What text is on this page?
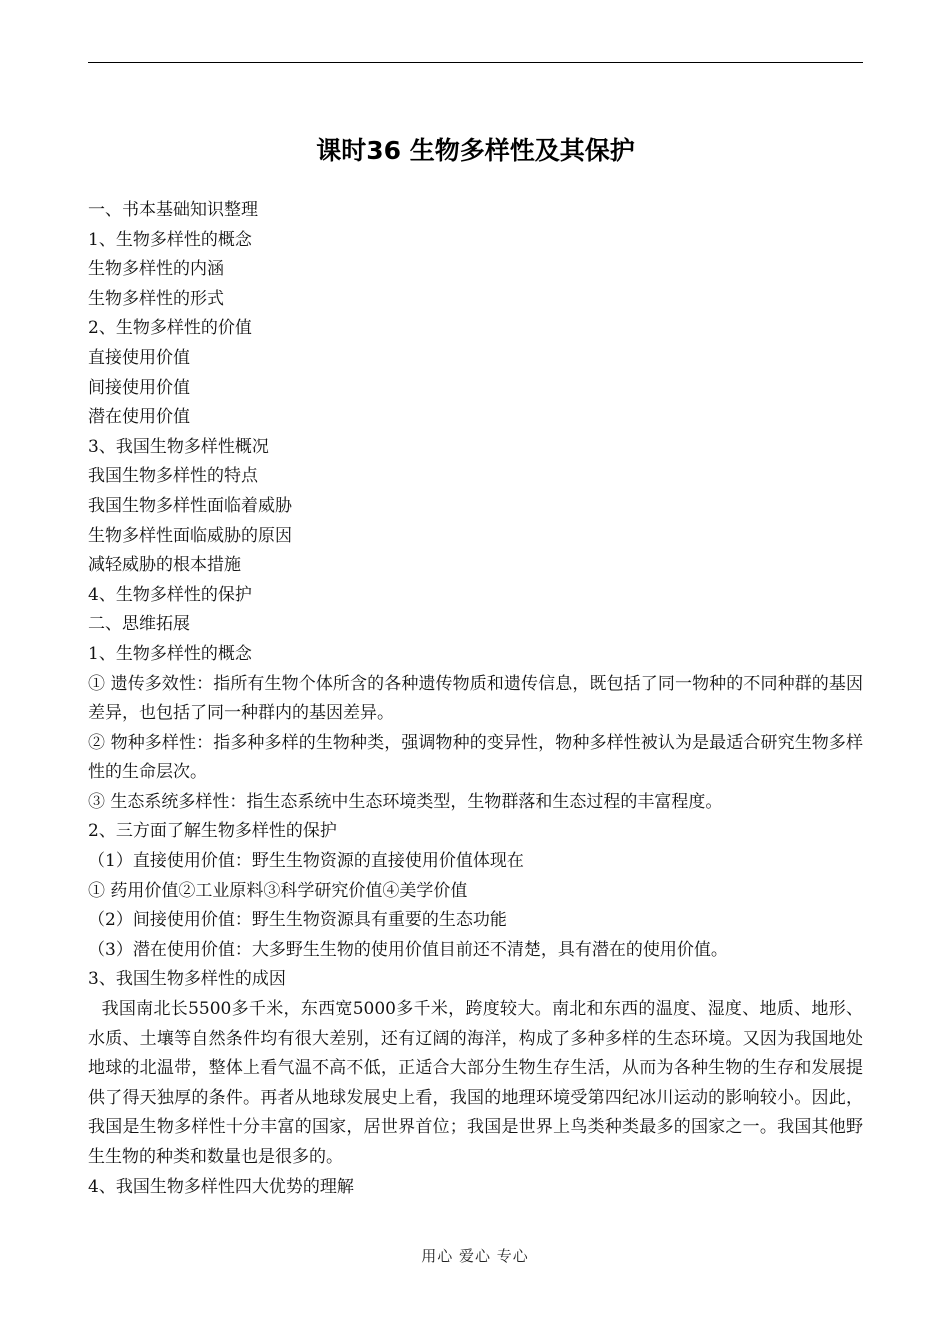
课时36 生物多样性及其保护
一、书本基础知识整理
1、生物多样性的概念
生物多样性的内涵
生物多样性的形式
2、生物多样性的价值
直接使用价值
间接使用价值
潜在使用价值
3、我国生物多样性概况
我国生物多样性的特点
我国生物多样性面临着威胁
生物多样性面临威胁的原因
减轻威胁的根本措施
4、生物多样性的保护
二、思维拓展
1、生物多样性的概念
① 遗传多效性：指所有生物个体所含的各种遗传物质和遗传信息，既包括了同一物种的不同种群的基因差异，也包括了同一种群内的基因差异。
② 物种多样性：指多种多样的生物种类，强调物种的变异性，物种多样性被认为是最适合研究生物多样性的生命层次。
③ 生态系统多样性：指生态系统中生态环境类型，生物群落和生态过程的丰富程度。
2、三方面了解生物多样性的保护
（1）直接使用价值：野生生物资源的直接使用价值体现在
① 药用价值②工业原料③科学研究价值④美学价值
（2）间接使用价值：野生生物资源具有重要的生态功能
（3）潜在使用价值：大多野生生物的使用价值目前还不清楚，具有潜在的使用价值。
3、我国生物多样性的成因
我国南北长5500多千米，东西宽5000多千米，跨度较大。南北和东西的温度、湿度、地质、地形、水质、土壤等自然条件均有很大差别，还有辽阔的海洋，构成了多种多样的生态环境。又因为我国地处地球的北温带，整体上看气温不高不低，正适合大部分生物生存生活，从而为各种生物的生存和发展提供了得天独厚的条件。再者从地球发展史上看，我国的地理环境受第四纪冰川运动的影响较小。因此，我国是生物多样性十分丰富的国家，居世界首位；我国是世界上鸟类种类最多的国家之一。我国其他野生生物的种类和数量也是很多的。
4、我国生物多样性四大优势的理解
用心 爱心 专心
